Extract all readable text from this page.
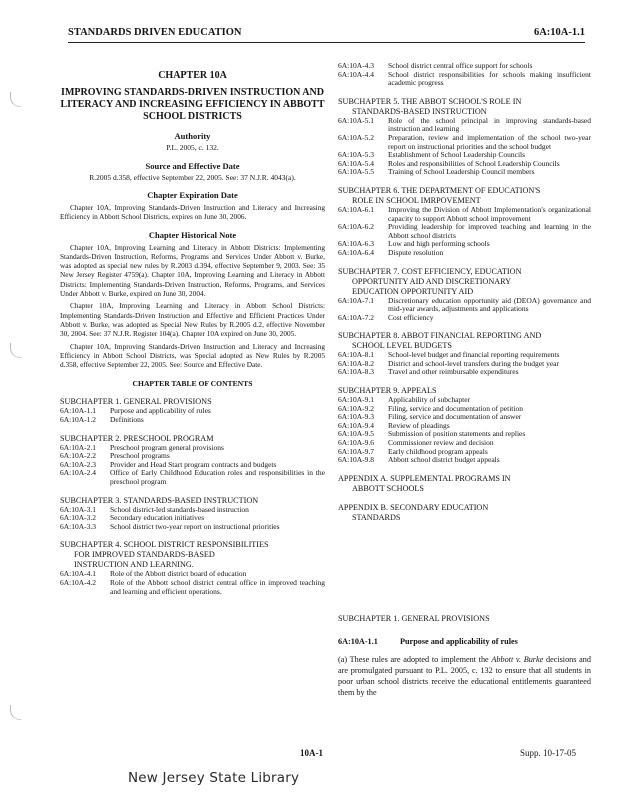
STANDARDS DRIVEN EDUCATION	6A:10A-1.1
CHAPTER 10A
IMPROVING STANDARDS-DRIVEN INSTRUCTION AND LITERACY AND INCREASING EFFICIENCY IN ABBOTT SCHOOL DISTRICTS
Authority
P.L. 2005, c. 132.
Source and Effective Date
R.2005 d.358, effective September 22, 2005. See: 37 N.J.R. 4043(a).
Chapter Expiration Date
Chapter 10A, Improving Standards-Driven Instruction and Literacy and Increasing Efficiency in Abbott School Districts, expires on June 30, 2006.
Chapter Historical Note
Chapter 10A, Improving Learning and Literacy in Abbott Districts: Implementing Standards-Driven Instruction, Reforms, Programs and Services Under Abbott v. Burke, was adopted as special new rules by R.2003 d.394, effective September 9, 2003. See: 35 New Jersey Register 4759(a). Chapter 10A, Improving Learning and Literacy in Abbott Districts: Implementing Standards-Driven Instruction, Reforms, Programs, and Services Under Abbott v. Burke, expired on June 30, 2004.
Chapter 10A, Improving Learning and Literacy in Abbott School Districts: Implementing Standards-Driven Instruction and Effective and Efficient Practices Under Abbott v. Burke, was adopted as Special New Rules by R.2005 d.2, effective November 30, 2004. See: 37 N.J.R. Register 104(a). Chapter 10A expired on June 30, 2005.
Chapter 10A, Improving Standards-Driven Instruction and Literacy and Increasing Efficiency in Abbott School Districts, was Special adopted as New Rules by R.2005 d.358, effective September 22, 2005. See: Source and Effective Date.
CHAPTER TABLE OF CONTENTS
SUBCHAPTER 1. GENERAL PROVISIONS
6A:10A-1.1	Purpose and applicability of rules
6A:10A-1.2	Definitions
SUBCHAPTER 2. PRESCHOOL PROGRAM
6A:10A-2.1	Preschool program general provisions
6A:10A-2.2	Preschool programs
6A:10A-2.3	Provider and Head Start program contracts and budgets
6A:10A-2.4	Office of Early Childhood Education roles and responsibilities in the preschool program
SUBCHAPTER 3. STANDARDS-BASED INSTRUCTION
6A:10A-3.1	School district-led standards-based instruction
6A:10A-3.2	Secondary education initiatives
6A:10A-3.3	School district two-year report on instructional priorities
SUBCHAPTER 4. SCHOOL DISTRICT RESPONSIBILITIES
FOR IMPROVED STANDARDS-BASED
INSTRUCTION AND LEARNING.
6A:10A-4.1	Role of the Abbott district board of education
6A:10A-4.2	Role of the Abbott school district central office in improved teaching and learning and efficient operations.
6A:10A-4.3	School district central office support for schools
6A:10A-4.4	School district responsibilities for schools making insufficient academic progress
SUBCHAPTER 5. THE ABBOT SCHOOL'S ROLE IN
STANDARDS-BASED INSTRUCTION
6A:10A-5.1	Role of the school principal in improving standards-based instruction and learning
6A:10A-5.2	Preparation, review and implementation of the school two-year report on instructional priorities and the school budget
6A:10A-5.3	Establishment of School Leadership Councils
6A:10A-5.4	Roles and responsibilities of School Leadership Councils
6A:10A-5.5	Training of School Leadership Council members
SUBCHAPTER 6. THE DEPARTMENT OF EDUCATION'S
ROLE IN SCHOOL IMRPOVEMENT
6A:10A-6.1	Improving the Division of Abbott Implementation's organizational capacity to support Abbott school improvement
6A:10A-6.2	Providing leadership for improved teaching and learning in the Abbott school districts
6A:10A-6.3	Low and high performing schools
6A:10A-6.4	Dispute resolution
SUBCHAPTER 7. COST EFFICIENCY, EDUCATION
OPPORTUNITY AID AND DISCRETIONARY
EDUCATION OPPORTUNITY AID
6A:10A-7.1	Discretionary education opportunity aid (DEOA) governance and mid-year awards, adjustments and applications
6A:10A-7.2	Cost efficiency
SUBCHAPTER 8. ABBOT FINANCIAL REPORTING AND
SCHOOL LEVEL BUDGETS
6A:10A-8.1	School-level budget and financial reporting requirements
6A:10A-8.2	District and school-level transfers during the budget year
6A:10A-8.3	Travel and other reimbursable expenditures
SUBCHAPTER 9. APPEALS
6A:10A-9.1	Applicability of subchapter
6A:10A-9.2	Filing, service and documentation of petition
6A:10A-9.3	Filing, service and documentation of answer
6A:10A-9.4	Review of pleadings
6A:10A-9.5	Submission of position statements and replies
6A:10A-9.6	Commissioner review and decision
6A:10A-9.7	Early childhood program appeals
6A:10A-9.8	Abbott school district budget appeals
APPENDIX A. SUPPLEMENTAL PROGRAMS IN
ABBOTT SCHOOLS
APPENDIX B. SECONDARY EDUCATION
STANDARDS
SUBCHAPTER 1. GENERAL PROVISIONS
6A:10A-1.1	Purpose and applicability of rules
(a) These rules are adopted to implement the Abbott v. Burke decisions and are promulgated pursuant to P.L. 2005, c. 132 to ensure that all students in poor urban school districts receive the educational entitlements guaranteed them by the
10A-1	Supp. 10-17-05
New Jersey State Library
